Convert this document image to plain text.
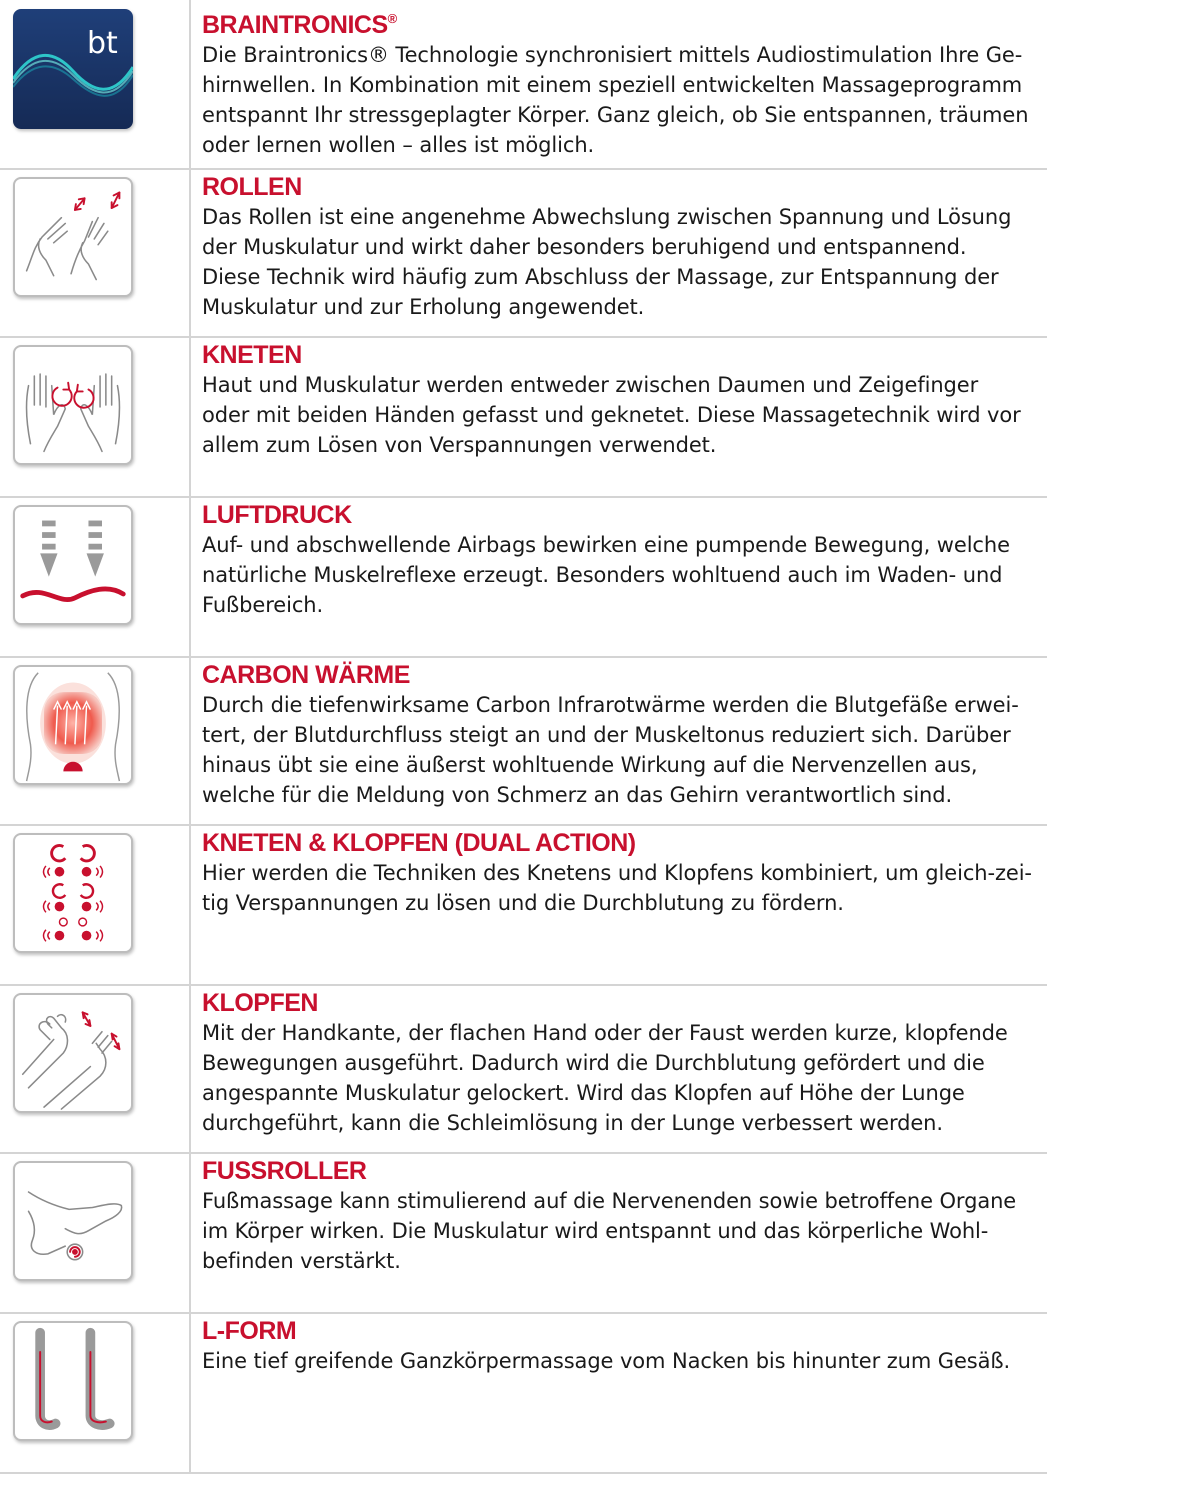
bt

BRAINTRONICS®

Die Braintronics® Technologie synchronisiert mittels Audiostimulation Ihre Ge-
hirnwellen. In Kombination mit einem speziell entwickelten Massageprogramm
entspannt Ihr stressgeplagter Körper. Ganz gleich, ob Sie entspannen, träumen
oder lernen wollen – alles ist möglich.

ROLLEN

Das Rollen ist eine angenehme Abwechslung zwischen Spannung und Lösung
der Muskulatur und wirkt daher besonders beruhigend und entspannend.
Diese Technik wird häufig zum Abschluss der Massage, zur Entspannung der
Muskulatur und zur Erholung angewendet.

KNETEN

Haut und Muskulatur werden entweder zwischen Daumen und Zeigefinger
oder mit beiden Händen gefasst und geknetet. Diese Massagetechnik wird vor
allem zum Lösen von Verspannungen verwendet.

LUFTDRUCK

Auf- und abschwellende Airbags bewirken eine pumpende Bewegung, welche
natürliche Muskelreflexe erzeugt. Besonders wohltuend auch im Waden- und
Fußbereich.

CARBON WÄRME

Durch die tiefenwirksame Carbon Infrarotwärme werden die Blutgefäße erwei-
tert, der Blutdurchfluss steigt an und der Muskeltonus reduziert sich. Darüber
hinaus übt sie eine äußerst wohltuende Wirkung auf die Nervenzellen aus,
welche für die Meldung von Schmerz an das Gehirn verantwortlich sind.

KNETEN & KLOPFEN (DUAL ACTION)

Hier werden die Techniken des Knetens und Klopfens kombiniert, um gleich-zei-
tig Verspannungen zu lösen und die Durchblutung zu fördern.

KLOPFEN

Mit der Handkante, der flachen Hand oder der Faust werden kurze, klopfende
Bewegungen ausgeführt. Dadurch wird die Durchblutung gefördert und die
angespannte Muskulatur gelockert. Wird das Klopfen auf Höhe der Lunge
durchgeführt, kann die Schleimlösung in der Lunge verbessert werden.

FUSSROLLER

Fußmassage kann stimulierend auf die Nervenenden sowie betroffene Organe
im Körper wirken. Die Muskulatur wird entspannt und das körperliche Wohl-
befinden verstärkt.

L-FORM

Eine tief greifende Ganzkörpermassage vom Nacken bis hinunter zum Gesäß.
